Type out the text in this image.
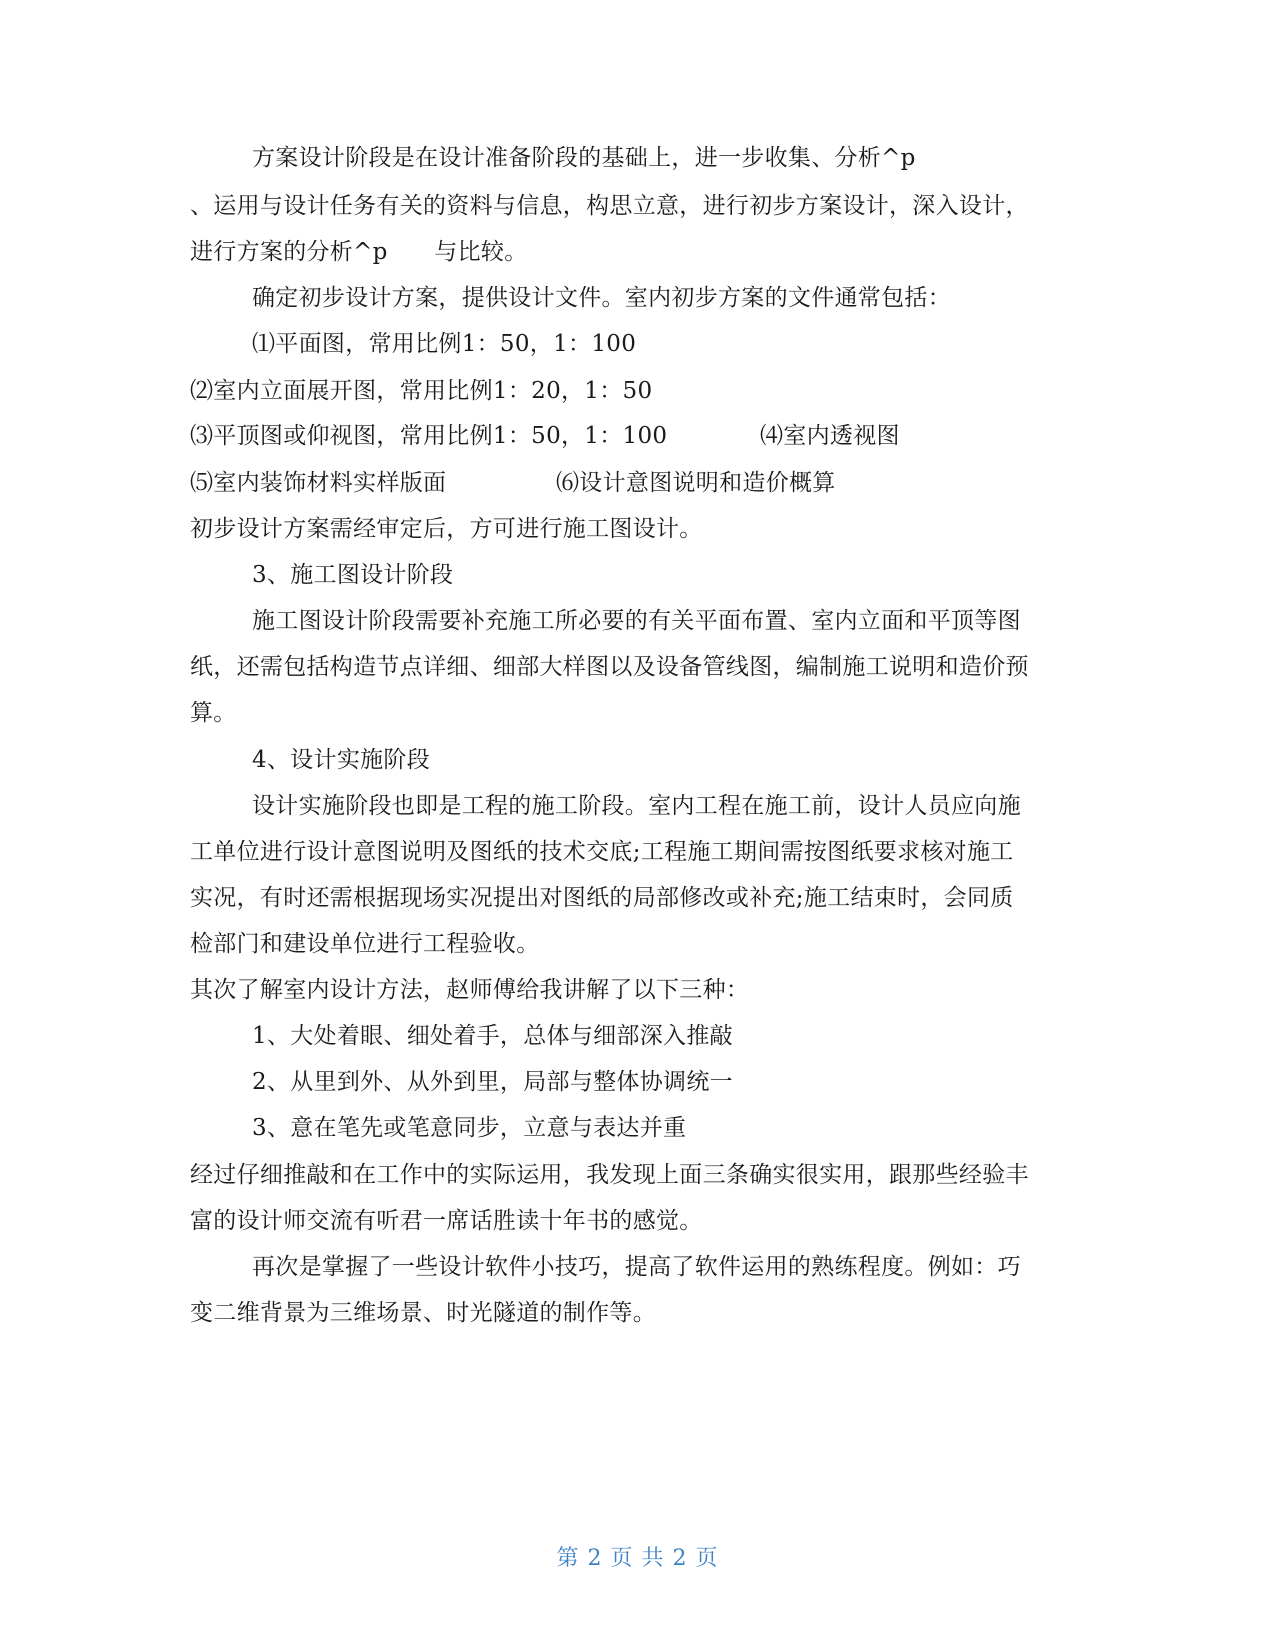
方案设计阶段是在设计准备阶段的基础上，进一步收集、分析^p
、运用与设计任务有关的资料与信息，构思立意，进行初步方案设计，深入设计，
进行方案的分析^p　　与比较。
确定初步设计方案，提供设计文件。室内初步方案的文件通常包括：
⑴平面图，常用比例1：50，1：100
⑵室内立面展开图，常用比例1：20，1：50
⑶平顶图或仰视图，常用比例1：50，1：100	⑷室内透视图
⑸室内装饰材料实样版面	⑹设计意图说明和造价概算
初步设计方案需经审定后，方可进行施工图设计。
3、施工图设计阶段
施工图设计阶段需要补充施工所必要的有关平面布置、室内立面和平顶等图
纸，还需包括构造节点详细、细部大样图以及设备管线图，编制施工说明和造价预
算。
4、设计实施阶段
设计实施阶段也即是工程的施工阶段。室内工程在施工前，设计人员应向施
工单位进行设计意图说明及图纸的技术交底;工程施工期间需按图纸要求核对施工
实况，有时还需根据现场实况提出对图纸的局部修改或补充;施工结束时，会同质
检部门和建设单位进行工程验收。
其次了解室内设计方法，赵师傅给我讲解了以下三种：
1、大处着眼、细处着手，总体与细部深入推敲
2、从里到外、从外到里，局部与整体协调统一
3、意在笔先或笔意同步，立意与表达并重
经过仔细推敲和在工作中的实际运用，我发现上面三条确实很实用，跟那些经验丰
富的设计师交流有听君一席话胜读十年书的感觉。
再次是掌握了一些设计软件小技巧，提高了软件运用的熟练程度。例如：巧
变二维背景为三维场景、时光隧道的制作等。
第 2 页 共 2 页
